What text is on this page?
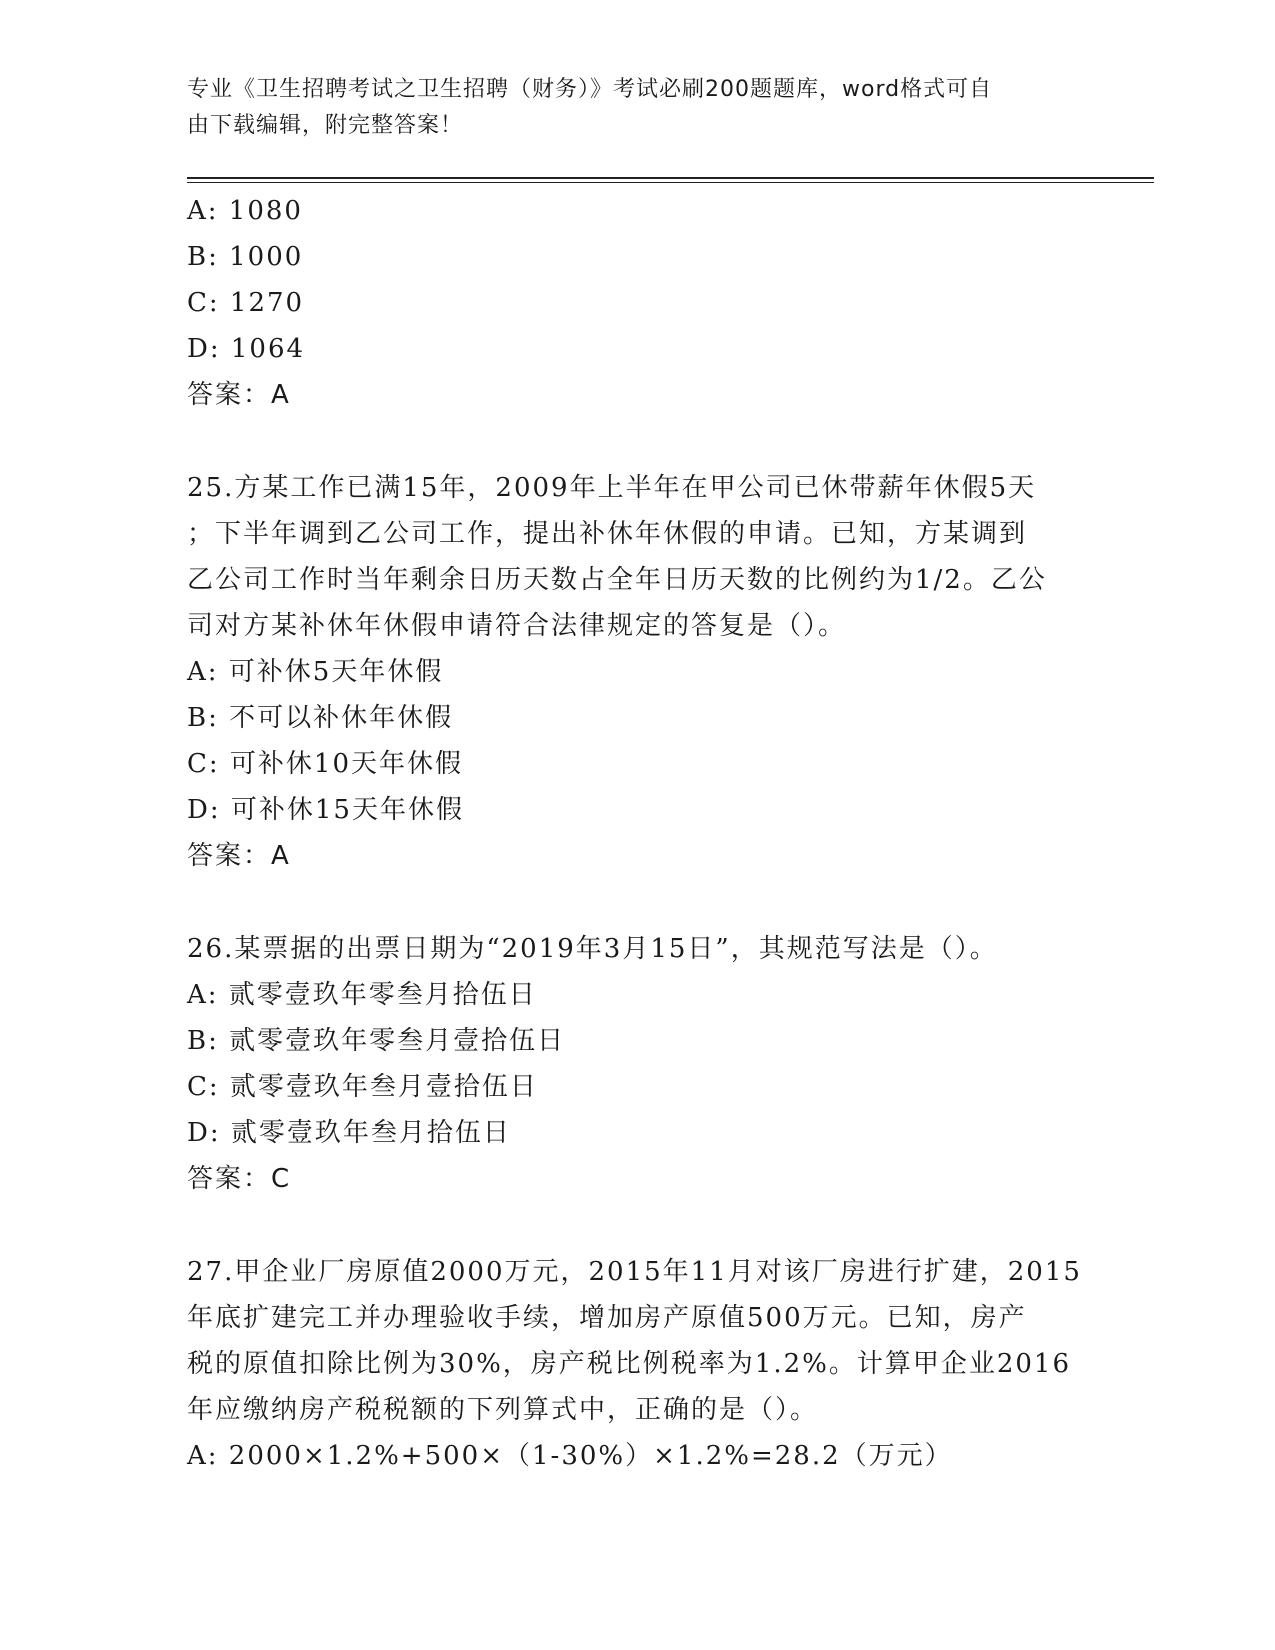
专业《卫生招聘考试之卫生招聘（财务）》考试必刷200题题库，word格式可自
由下载编辑，附完整答案！
A: 1080
B: 1000
C: 1270
D: 1064
答案：A
25.方某工作已满15年，2009年上半年在甲公司已休带薪年休假5天
；下半年调到乙公司工作，提出补休年休假的申请。已知，方某调到
乙公司工作时当年剩余日历天数占全年日历天数的比例约为1/2。乙公
司对方某补休年休假申请符合法律规定的答复是（）。
A: 可补休5天年休假
B: 不可以补休年休假
C: 可补休10天年休假
D: 可补休15天年休假
答案：A
26.某票据的出票日期为“2019年3月15日”，其规范写法是（）。
A: 贰零壹玖年零叁月拾伍日
B: 贰零壹玖年零叁月壹拾伍日
C: 贰零壹玖年叁月壹拾伍日
D: 贰零壹玖年叁月拾伍日
答案：C
27.甲企业厂房原值2000万元，2015年11月对该厂房进行扩建，2015
年底扩建完工并办理验收手续，增加房产原值500万元。已知，房产
税的原值扣除比例为30%，房产税比例税率为1.2%。计算甲企业2016
年应缴纳房产税税额的下列算式中，正确的是（）。
A: 2000×1.2%+500×（1-30%）×1.2%=28.2（万元）
